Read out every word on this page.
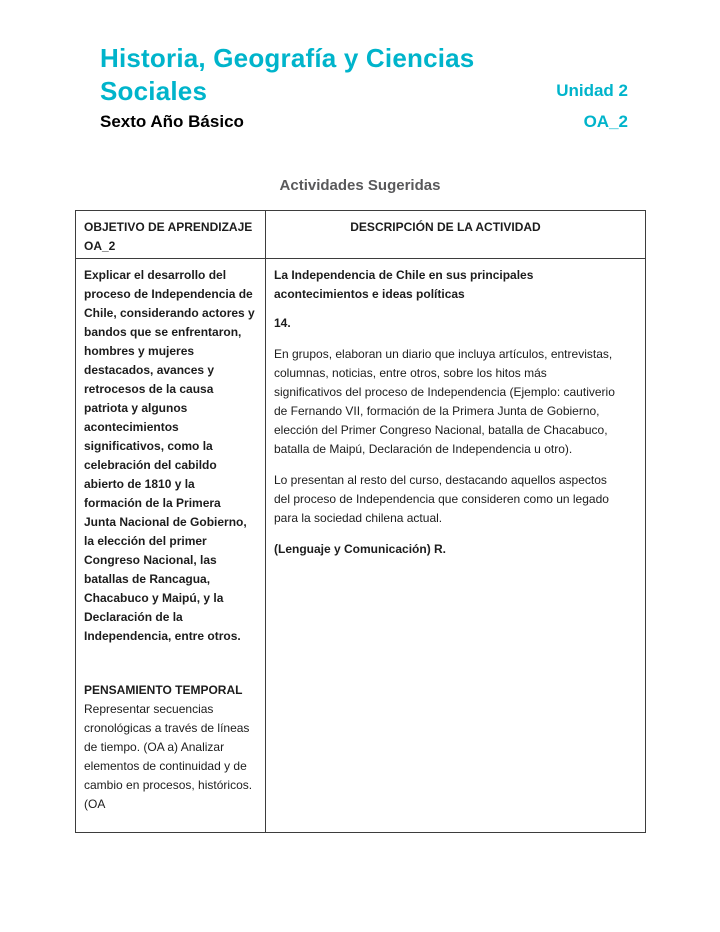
Historia, Geografía y Ciencias
Sociales
Sexto Año Básico
Unidad 2
OA_2
Actividades Sugeridas
OBJETIVO DE APRENDIZAJE OA_2
DESCRIPCIÓN DE LA ACTIVIDAD

Explicar el desarrollo del proceso de Independencia de Chile, considerando actores y bandos que se enfrentaron, hombres y mujeres destacados, avances y retrocesos de la causa patriota y algunos acontecimientos significativos, como la celebración del cabildo abierto de 1810 y la formación de la Primera Junta Nacional de Gobierno, la elección del primer Congreso Nacional, las batallas de Rancagua, Chacabuco y Maipú, y la Declaración de la Independencia, entre otros.

PENSAMIENTO TEMPORAL Representar secuencias cronológicas a través de líneas de tiempo. (OA a) Analizar elementos de continuidad y de cambio en procesos, históricos. (OA

La Independencia de Chile en sus principales acontecimientos e ideas políticas

14.

En grupos, elaboran un diario que incluya artículos, entrevistas, columnas, noticias, entre otros, sobre los hitos más significativos del proceso de Independencia (Ejemplo: cautiverio de Fernando VII, formación de la Primera Junta de Gobierno, elección del Primer Congreso Nacional, batalla de Chacabuco, batalla de Maipú, Declaración de Independencia u otro).

Lo presentan al resto del curso, destacando aquellos aspectos del proceso de Independencia que consideren como un legado para la sociedad chilena actual.

(Lenguaje y Comunicación) R.
